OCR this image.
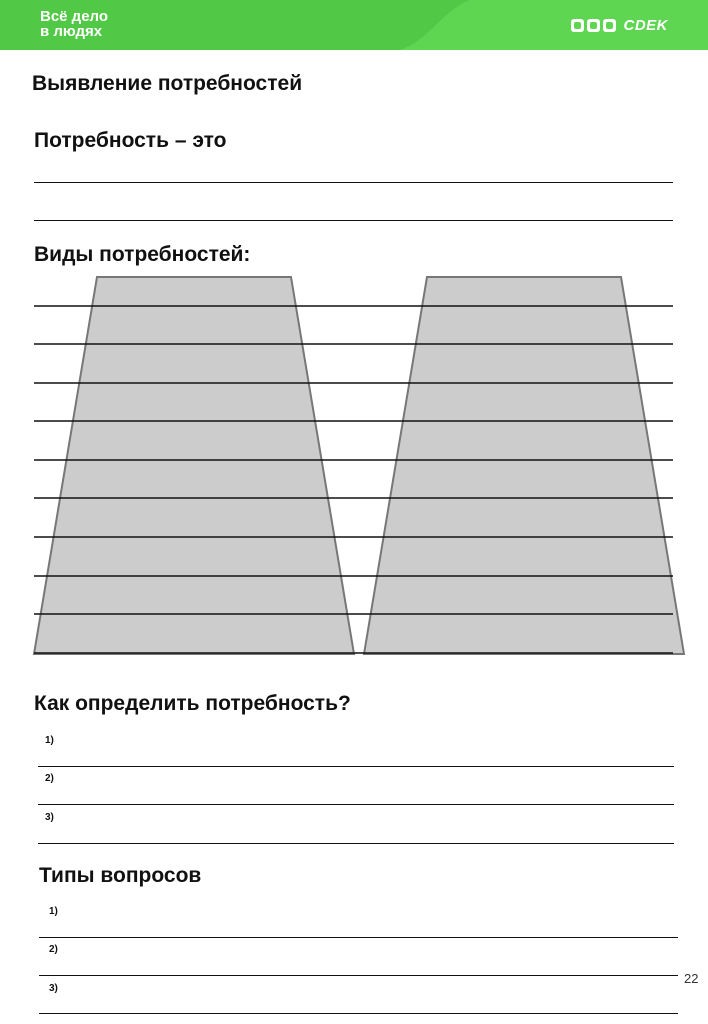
Всё дело
в людях	CDEK
Выявление потребностей
Потребность – это
Виды потребностей:
Как определить потребность?
1)
2)
3)
Типы вопросов
1)
2)
3)
22
